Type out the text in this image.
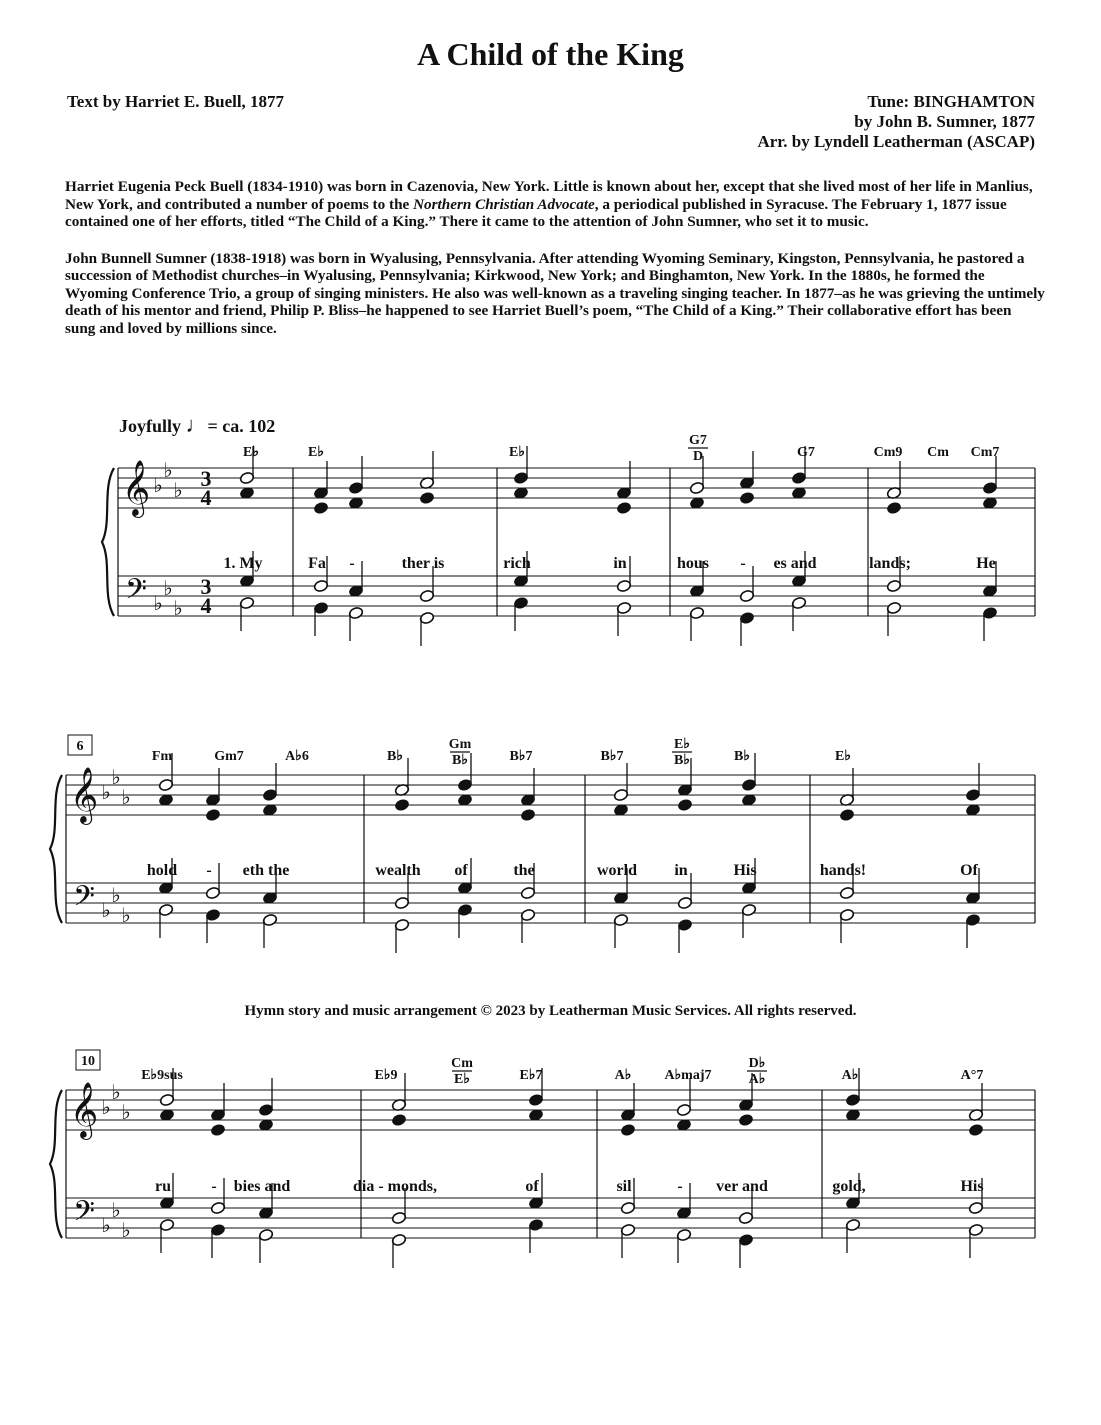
A Child of the King
Text by Harriet E. Buell, 1877	Tune: BINGHAMTON
by John B. Sumner, 1877
Arr. by Lyndell Leatherman (ASCAP)

Harriet Eugenia Peck Buell (1834-1910) was born in Cazenovia, New York. Little is known about her, except that she lived most of her life in Manlius, New York, and contributed a number of poems to the Northern Christian Advocate, a periodical published in Syracuse. The February 1, 1877 issue contained one of her efforts, titled “The Child of a King.” There it came to the attention of John Sumner, who set it to music.

John Bunnell Sumner (1838-1918) was born in Wyalusing, Pennsylvania. After attending Wyoming Seminary, Kingston, Pennsylvania, he pastored a succession of Methodist churches–in Wyalusing, Pennsylvania; Kirkwood, New York; and Binghamton, New York. In the 1880s, he formed the Wyoming Conference Trio, a group of singing ministers. He also was well-known as a traveling singing teacher. In 1877–as he was grieving the untimely death of his mentor and friend, Philip P. Bliss–he happened to see Harriet Buell’s poem, “The Child of a King.” Their collaborative effort has been sung and loved by millions since.

Joyfully ♩= ca. 102
𝄞
𝄢
♭
♭
♭
♭
♭
♭
3
3
4
4
E♭	E♭	E♭
G7
D	G7	Cm9 Cm Cm7
1. My	Fa -	ther is	rich	in	hous - es and	lands;	He
𝄞
𝄢
♭
♭
♭
♭
♭
♭
6
Fm	Gm7	A♭6	B♭
Gm
B♭	B♭7	B♭7
E♭
B♭	B♭	E♭
hold - eth the	wealth of	the	world in	His	hands!	Of
𝄞
𝄢
♭
♭
♭
♭
♭
♭
10
E♭9sus	E♭9
Cm
E♭	E♭7	A♭ A♭maj7
D♭
A♭	A♭	A°7
ru	- bies and	dia - monds,	of	sil	- ver and	gold,	His
Hymn story and music arrangement © 2023 by Leatherman Music Services. All rights reserved.
